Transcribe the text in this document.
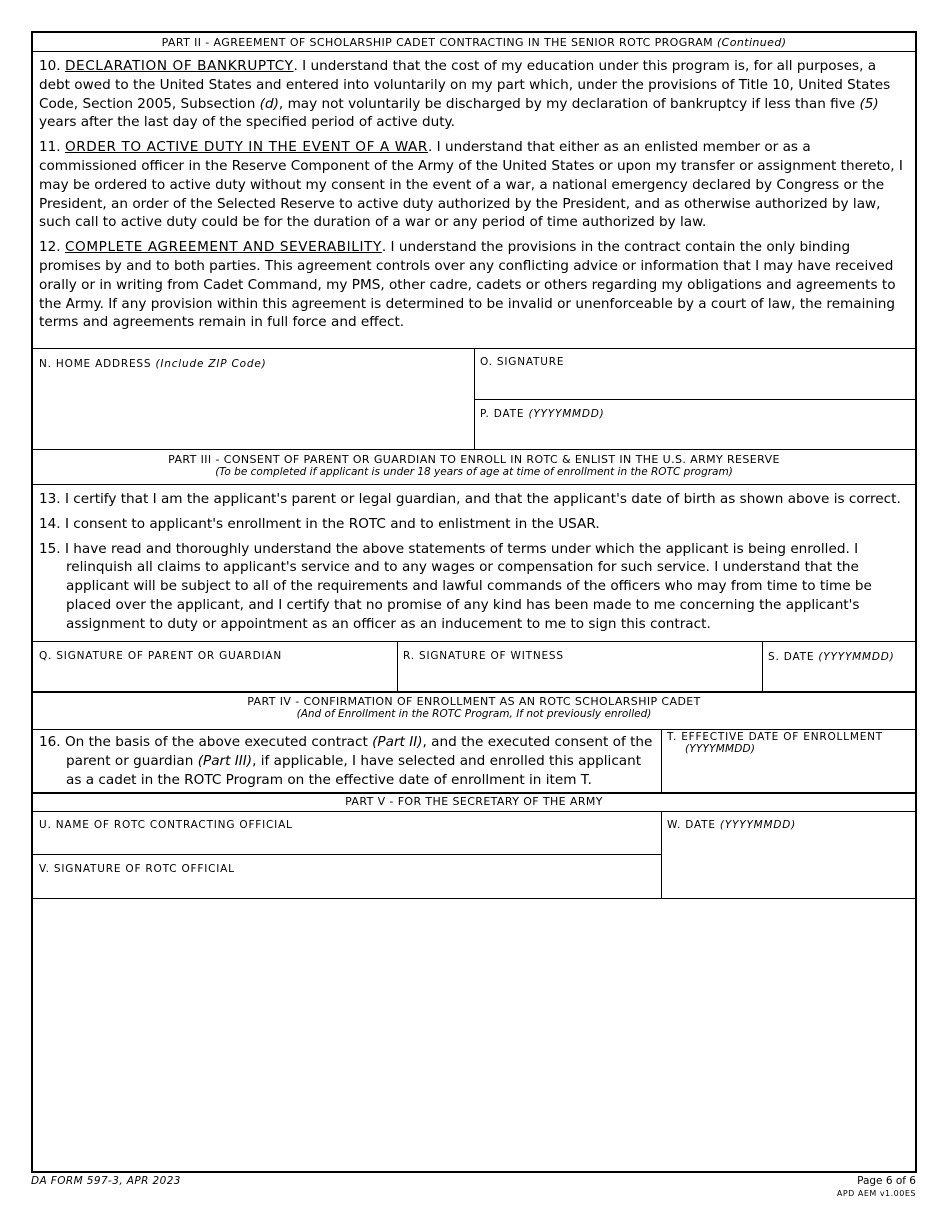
PART II - AGREEMENT OF SCHOLARSHIP CADET CONTRACTING IN THE SENIOR ROTC PROGRAM (Continued)

10. DECLARATION OF BANKRUPTCY. I understand that the cost of my education under this program is, for all purposes, a debt owed to the United States and entered into voluntarily on my part which, under the provisions of Title 10, United States Code, Section 2005, Subsection (d), may not voluntarily be discharged by my declaration of bankruptcy if less than five (5) years after the last day of the specified period of active duty.

11. ORDER TO ACTIVE DUTY IN THE EVENT OF A WAR. I understand that either as an enlisted member or as a commissioned officer in the Reserve Component of the Army of the United States or upon my transfer or assignment thereto, I may be ordered to active duty without my consent in the event of a war, a national emergency declared by Congress or the President, an order of the Selected Reserve to active duty authorized by the President, and as otherwise authorized by law, such call to active duty could be for the duration of a war or any period of time authorized by law.

12. COMPLETE AGREEMENT AND SEVERABILITY. I understand the provisions in the contract contain the only binding promises by and to both parties. This agreement controls over any conflicting advice or information that I may have received orally or in writing from Cadet Command, my PMS, other cadre, cadets or others regarding my obligations and agreements to the Army. If any provision within this agreement is determined to be invalid or unenforceable by a court of law, the remaining terms and agreements remain in full force and effect.

N. HOME ADDRESS (Include ZIP Code)	O. SIGNATURE
P. DATE (YYYYMMDD)
PART III - CONSENT OF PARENT OR GUARDIAN TO ENROLL IN ROTC & ENLIST IN THE U.S. ARMY RESERVE
(To be completed if applicant is under 18 years of age at time of enrollment in the ROTC program)

13. I certify that I am the applicant's parent or legal guardian, and that the applicant's date of birth as shown above is correct.

14. I consent to applicant's enrollment in the ROTC and to enlistment in the USAR.

15. I have read and thoroughly understand the above statements of terms under which the applicant is being enrolled. I relinquish all claims to applicant's service and to any wages or compensation for such service. I understand that the applicant will be subject to all of the requirements and lawful commands of the officers who may from time to time be placed over the applicant, and I certify that no promise of any kind has been made to me concerning the applicant's assignment to duty or appointment as an officer as an inducement to me to sign this contract.

Q. SIGNATURE OF PARENT OR GUARDIAN	R. SIGNATURE OF WITNESS	S. DATE (YYYYMMDD)
PART IV - CONFIRMATION OF ENROLLMENT AS AN ROTC SCHOLARSHIP CADET
(And of Enrollment in the ROTC Program, If not previously enrolled)

16. On the basis of the above executed contract (Part II), and the executed consent of the parent or guardian (Part III), if applicable, I have selected and enrolled this applicant as a cadet in the ROTC Program on the effective date of enrollment in item T.

T. EFFECTIVE DATE OF ENROLLMENT
(YYYYMMDD)
PART V - FOR THE SECRETARY OF THE ARMY
U. NAME OF ROTC CONTRACTING OFFICIAL
V. SIGNATURE OF ROTC OFFICIAL
W. DATE (YYYYMMDD)
DA FORM 597-3, APR 2023	Page 6 of 6
APD AEM v1.00ES
